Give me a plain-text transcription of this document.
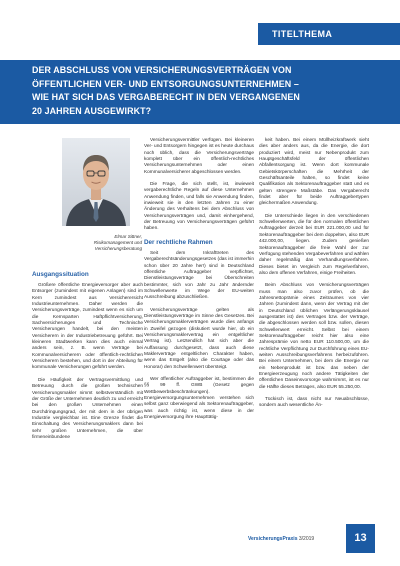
TITELTHEMA
DER ABSCHLUSS VON VERSICHERUNGSVERTRÄGEN VON
ÖFFENTLICHEN VER- UND ENTSORGUNGSUNTERNEHMEN –
WIE HAT SICH DAS VERGABERECHT IN DEN VERGANGENEN
20 JAHREN AUSGEWIRKT?
Elmar Sittner,
Risikomanagement und
Versicherungsberatung
Ausgangssituation

Größere öffentliche Energieversorger aber auch Entsorger (zumindest mit eigenen Anlagen) sind im Kern zumindest aus Versicherersicht Industrieunternehmen. Daher werden die Versicherungsverträge, zumindest wenn es sich um die Kernsparten Haftpflichtversicherung, Sachversicherungen und Technische Versicherungen handelt, bei den meisten Versicherern in der Industriebetreuung geführt. Bei kleineren Stadtwerken kann dies auch einmal anders sein, z. B. wenn Verträge bei Kommunalversicherern oder öffentlich-rechtlichen Versicherern bestehen, und dort in der Abteilung für kommunale Versicherungen geführt werden.

Die Häufigkeit der Vertragsvermittlung und Betreuung durch die großen technischen Versicherungsmakler nimmt selbstverständlich mit der Größe der Unternehmen deutlich zu und erreicht bei den großen Unternehmen einen Durchdringungsgrad, der mit dem in der übrigen Industrie vergleichbar ist. Eine Grenze findet die Einschaltung des Versicherungsmaklers dann bei sehr großen Unternehmen, die über firmeneinbundene

Versicherungsvermittler verfügen. Bei kleineren Ver- und Entsorgern hingegen ist es heute durchaus noch üblich, dass die Versicherungsverträge komplett über ein öffentlich-rechtliches Versicherungsunternehmen oder einen Kommunalversicherer abgeschlossen werden.

Die Frage, die sich stellt, ist, inwieweit vergaberechtliche Regeln auf diese Unternehmen Anwendung finden, und falls sie Anwendung finden, inwieweit sie in den letzten Jahren zu einer Änderung des Verhaltens bei dem Abschluss von Versicherungsverträgen und, damit einhergehend, der Betreuung von Versicherungsverträgen geführt haben.

Der rechtliche Rahmen

Seit dem Inkrafttreten des Vergaberechtsänderungsgesetzes (das ist immerhin schon über 20 Jahre her!) sind in Deutschland öffentliche Auftraggeber verpflichtet, Dienstleistungsverträge bei Überschreiten bestimmter, sich von Jahr zu Jahr ändernder Schwellenwerte im Wege der EU-weiten Ausschreibung abzuschließen.

Versicherungsverträge gelten als Dienstleistungsverträge im Sinne des Gesetzes. Bei Versicherungsmaklerverträgen wurde dies anfangs in Zweifel gezogen (diskutiert wurde hier, ob ein Versicherungsmaklervertrag ein entgeltlicher Vertrag ist). Letztendlich hat sich aber die Auffassung durchgesetzt, dass auch diese Maklerverträge entgeltlichen Charakter haben, wenn das Entgelt (also die Courtage oder das Honorar) den Schwellenwert übersteigt.

Wer öffentlicher Auftraggeber ist, bestimmen die §§ 99 ff. GWB (Gesetz gegen Wettbewerbsbeschränkungen). Energieversorgungsunternehmen verstehen sich selbst ganz überwiegend als Sektorenauftraggeber, was auch richtig ist, wenn diese in der Energieversorgung ihre Haupttätig-

keit haben. Bei einem Müllheizkraftwerk sieht dies aber anders aus, da die Energie, die dort produziert wird, meist nur Nebenprodukt zum Hauptgeschäftsfeld der öffentlichen Abfallentsorgung ist. Wenn dort kommunale Gebietskörperschaften die Mehrheit der Geschäftsanteile halten, so findet keine Qualifikation als Sektorenauftraggeber statt und es gelten strengere Maßstäbe. Das Vergaberecht findet aber für beide Auftraggebertypen gleichermaßen Anwendung.

Die Unterschiede liegen in den verschiedenen Schwellenwerten, die für den normalen öffentlichen Auftraggeber derzeit bei EUR 221.000,00 und für Sektorenauftraggeber bei dem doppelten, also EUR 442.000,00, liegen. Zudem genießen Sektorenauftraggeber die freie Wahl der zur Verfügung stehenden Vergabeverfahren und wählen daher regelmäßig das Verhandlungsverfahren. Dieses bietet im Vergleich zum Regelverfahren, also dem offenen Verfahren, einige Freiheiten.

Beim Abschluss von Versicherungsverträgen muss man also zuvor prüfen, ob die Jahresnettoprämie eines Zeitraumes von vier Jahren (zumindest dann, wenn der Vertrag mit der in Deutschland üblichen Verlängerungsklausel ausgestattet ist) des Vertrages bzw. der Verträge, die abgeschlossen werden soll bzw. sollen, diesen Schwellenwert erreicht. Selbst bei einem Sektorenauftraggeber reicht hier also eine Jahresprämie von netto EUR 110.500,00, um die rechtliche Verpflichtung zur Durchführung eines EU-weiten Ausschreibungsverfahrens herbeizuführen. Bei einem Unternehmen, bei dem die Energie nur ein Nebenprodukt ist bzw. das neben der Energieerzeugung noch andere Tätigkeiten der öffentlichen Daseinsvorsorge wahrnimmt, ist es nur die Hälfte dieses Betrages, also EUR 55.250,00.

Tückisch ist, dass nicht nur Neuabschlüsse, sondern auch wesentliche Än-

VersicherungsPraxis 3/2019	13
